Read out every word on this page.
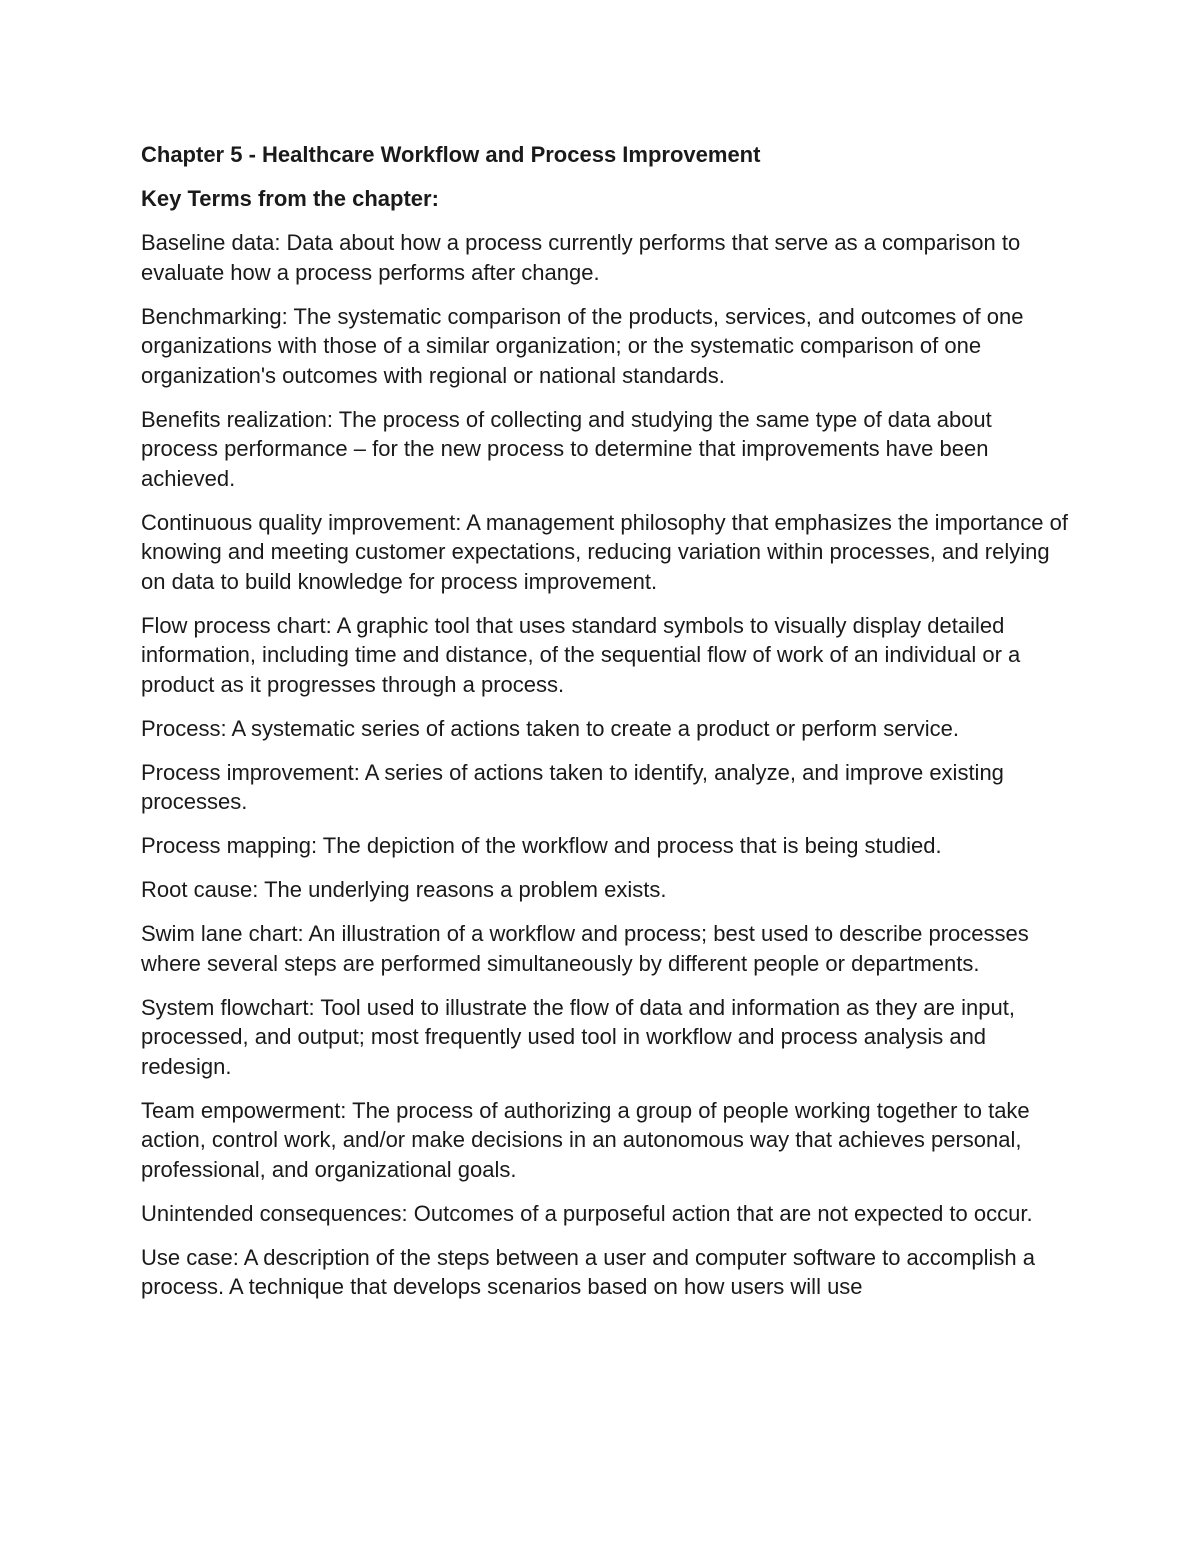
Chapter 5 - Healthcare Workflow and Process Improvement
Key Terms from the chapter:

Baseline data: Data about how a process currently performs that serve as a comparison to evaluate how a process performs after change.

Benchmarking: The systematic comparison of the products, services, and outcomes of one organizations with those of a similar organization; or the systematic comparison of one organization's outcomes with regional or national standards.

Benefits realization: The process of collecting and studying the same type of data about process performance – for the new process to determine that improvements have been achieved.

Continuous quality improvement: A management philosophy that emphasizes the importance of knowing and meeting customer expectations, reducing variation within processes, and relying on data to build knowledge for process improvement.

Flow process chart: A graphic tool that uses standard symbols to visually display detailed information, including time and distance, of the sequential flow of work of an individual or a product as it progresses through a process.

Process: A systematic series of actions taken to create a product or perform service.

Process improvement: A series of actions taken to identify, analyze, and improve existing processes.

Process mapping: The depiction of the workflow and process that is being studied.

Root cause: The underlying reasons a problem exists.

Swim lane chart: An illustration of a workflow and process; best used to describe processes where several steps are performed simultaneously by different people or departments.

System flowchart: Tool used to illustrate the flow of data and information as they are input, processed, and output; most frequently used tool in workflow and process analysis and redesign.

Team empowerment: The process of authorizing a group of people working together to take action, control work, and/or make decisions in an autonomous way that achieves personal, professional, and organizational goals.

Unintended consequences: Outcomes of a purposeful action that are not expected to occur.

Use case: A description of the steps between a user and computer software to accomplish a process. A technique that develops scenarios based on how users will use
